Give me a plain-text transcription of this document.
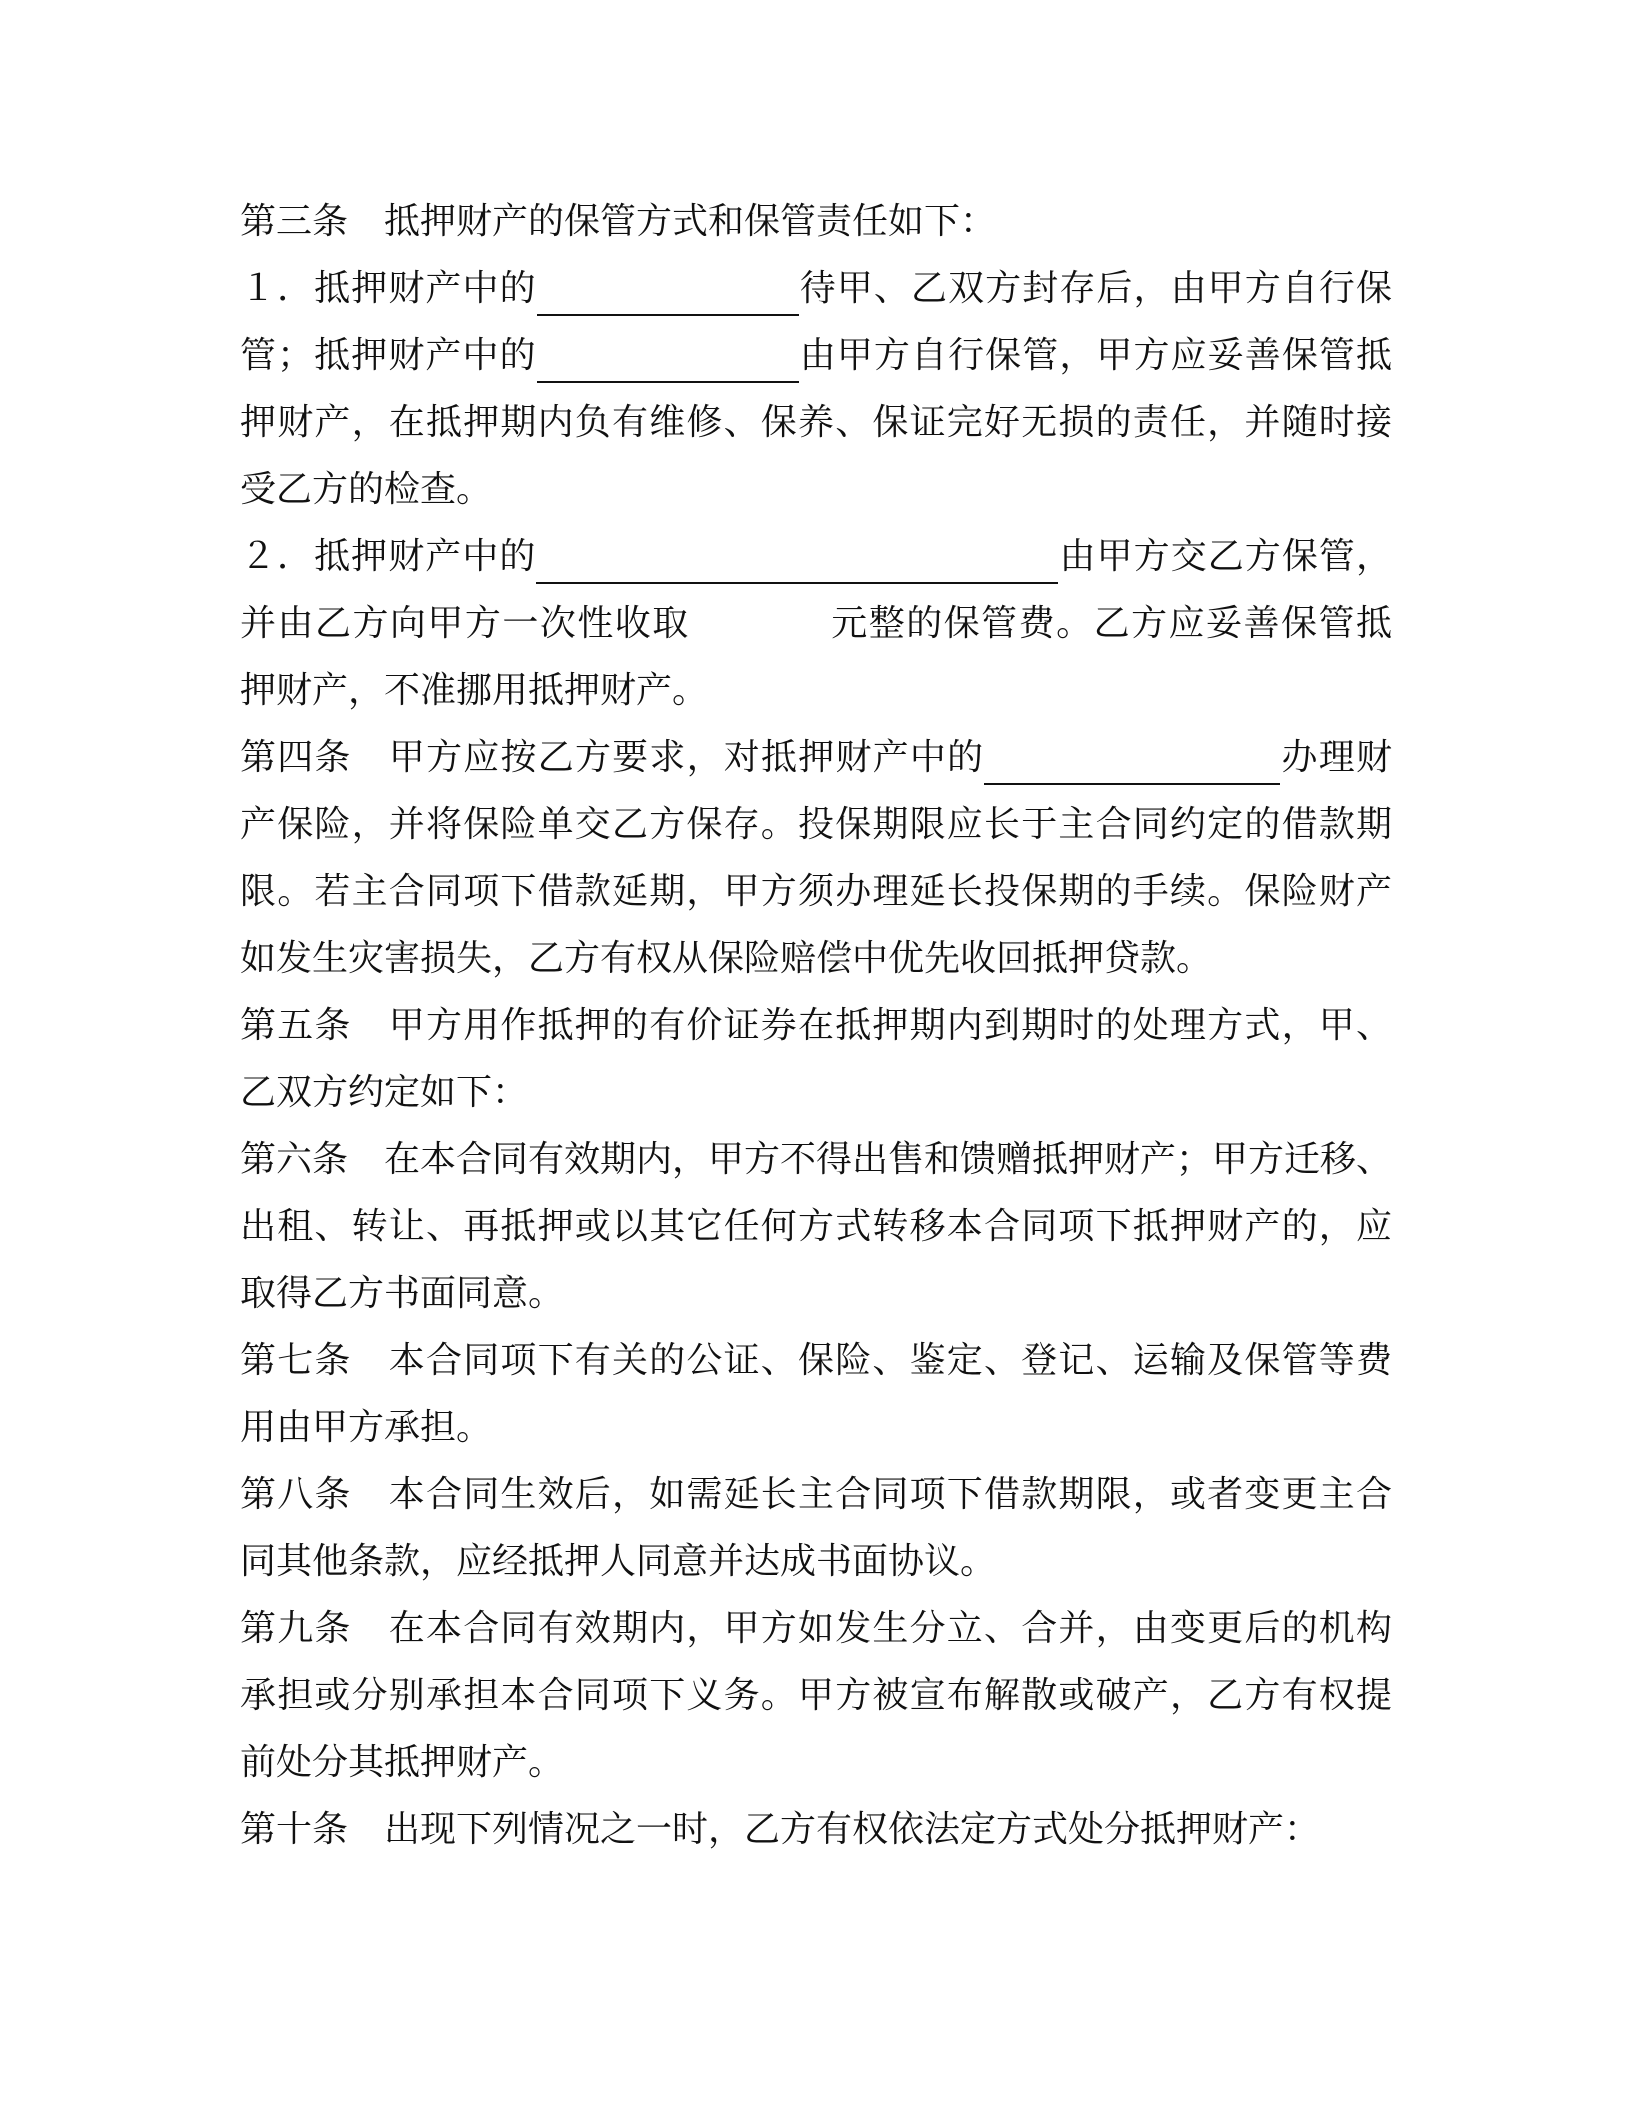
第三条 抵押财产的保管方式和保管责任如下：
１．抵押财产中的	待甲、乙双方封存后，由甲方自行保
管；抵押财产中的	由甲方自行保管，甲方应妥善保管抵
押财产，在抵押期内负有维修、保养、保证完好无损的责任，并随时接
受乙方的检查。
２．抵押财产中的	由甲方交乙方保管，
并由乙方向甲方一次性收取	元整的保管费。乙方应妥善保管抵
押财产，不准挪用抵押财产。
第四条 甲方应按乙方要求，对抵押财产中的	办理财
产保险，并将保险单交乙方保存。投保期限应长于主合同约定的借款期
限。若主合同项下借款延期，甲方须办理延长投保期的手续。保险财产
如发生灾害损失，乙方有权从保险赔偿中优先收回抵押贷款。
第五条 甲方用作抵押的有价证券在抵押期内到期时的处理方式，甲、
乙双方约定如下：
第六条 在本合同有效期内，甲方不得出售和馈赠抵押财产；甲方迁移、
出租、转让、再抵押或以其它任何方式转移本合同项下抵押财产的，应
取得乙方书面同意。
第七条 本合同项下有关的公证、保险、鉴定、登记、运输及保管等费
用由甲方承担。
第八条 本合同生效后，如需延长主合同项下借款期限，或者变更主合
同其他条款，应经抵押人同意并达成书面协议。
第九条 在本合同有效期内，甲方如发生分立、合并，由变更后的机构
承担或分别承担本合同项下义务。甲方被宣布解散或破产，乙方有权提
前处分其抵押财产。
第十条 出现下列情况之一时，乙方有权依法定方式处分抵押财产：
